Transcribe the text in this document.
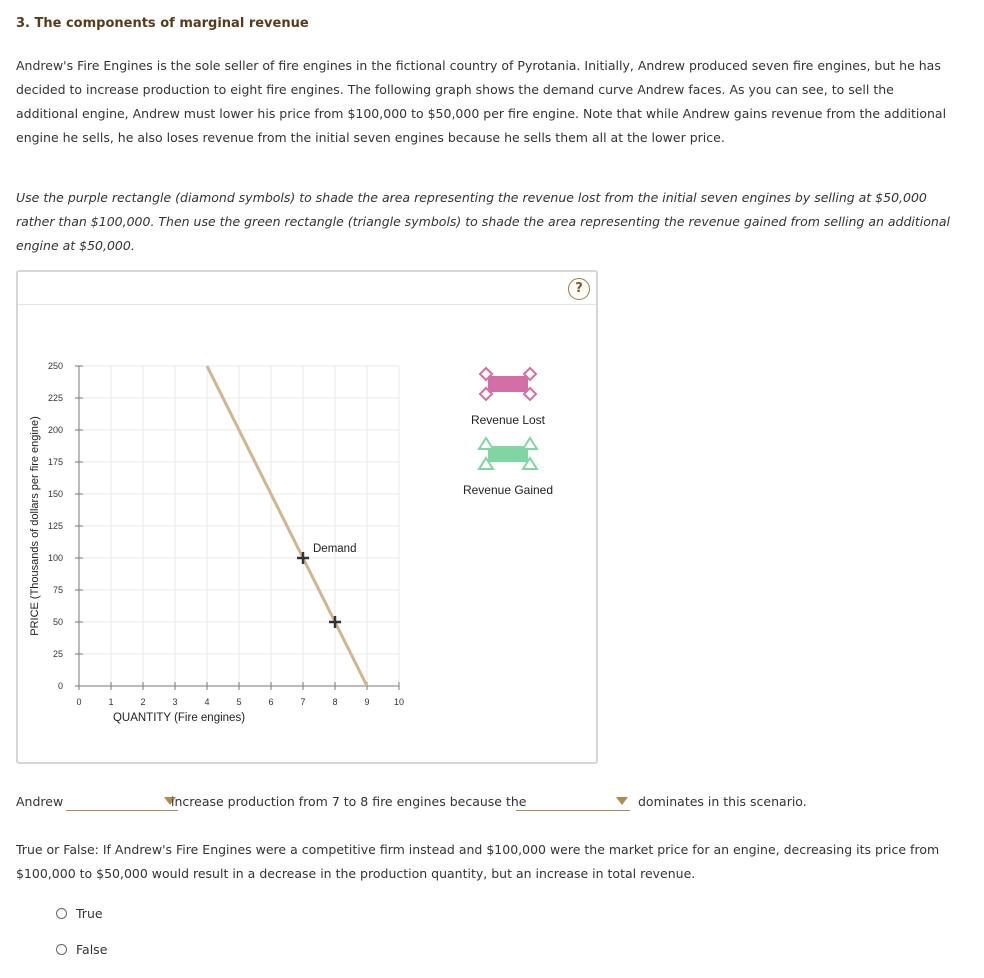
3. The components of marginal revenue

Andrew's Fire Engines is the sole seller of fire engines in the fictional country of Pyrotania. Initially, Andrew produced seven fire engines, but he has decided to increase production to eight fire engines. The following graph shows the demand curve Andrew faces. As you can see, to sell the additional engine, Andrew must lower his price from $100,000 to $50,000 per fire engine. Note that while Andrew gains revenue from the additional engine he sells, he also loses revenue from the initial seven engines because he sells them all at the lower price.

Use the purple rectangle (diamond symbols) to shade the area representing the revenue lost from the initial seven engines by selling at $50,000 rather than $100,000. Then use the green rectangle (triangle symbols) to shade the area representing the revenue gained from selling an additional engine at $50,000.

?
0
25
50
75
100
125
150
175
200
225
250
0	1	2	3	4	5	6	7	8	9	10
QUANTITY (Fire engines)
PRICE (Thousands of dollars per fire engine)	Demand
Revenue Lost
Revenue Gained
Andrew	increase production from 7 to 8 fire engines because the	dominates in this scenario.

True or False: If Andrew's Fire Engines were a competitive firm instead and $100,000 were the market price for an engine, decreasing its price from $100,000 to $50,000 would result in a decrease in the production quantity, but an increase in total revenue.

True
False
